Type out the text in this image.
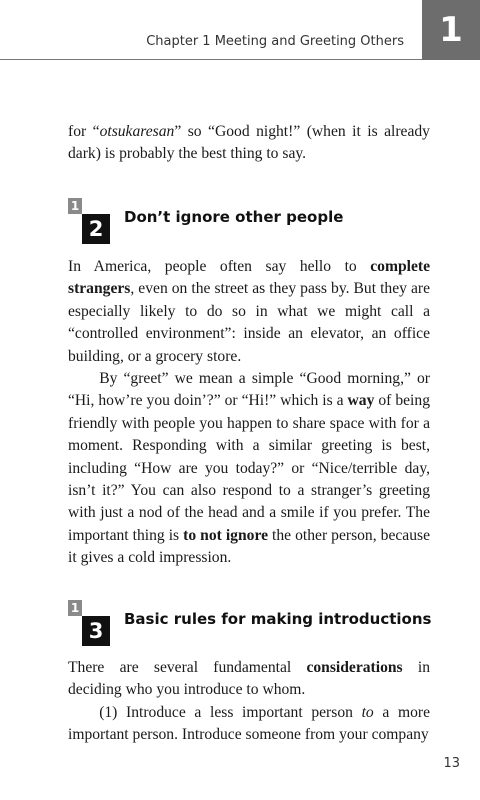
Chapter 1 Meeting and Greeting Others	1

for “otsukaresan” so “Good night!” (when it is already dark) is probably the best thing to say.

1
2	Don’t ignore other people

In America, people often say hello to complete strangers, even on the street as they pass by. But they are especially likely to do so in what we might call a “controlled environment”: inside an elevator, an office building, or a grocery store.

By “greet” we mean a simple “Good morning,” or “Hi, how’re you doin’?” or “Hi!” which is a way of being friendly with people you happen to share space with for a moment. Responding with a similar greeting is best, including “How are you today?” or “Nice/terrible day, isn’t it?” You can also respond to a stranger’s greeting with just a nod of the head and a smile if you prefer. The important thing is to not ignore the other person, because it gives a cold impression.

1
3	Basic rules for making introductions

There are several fundamental considerations in deciding who you introduce to whom.

(1) Introduce a less important person to a more important person. Introduce someone from your company

13
